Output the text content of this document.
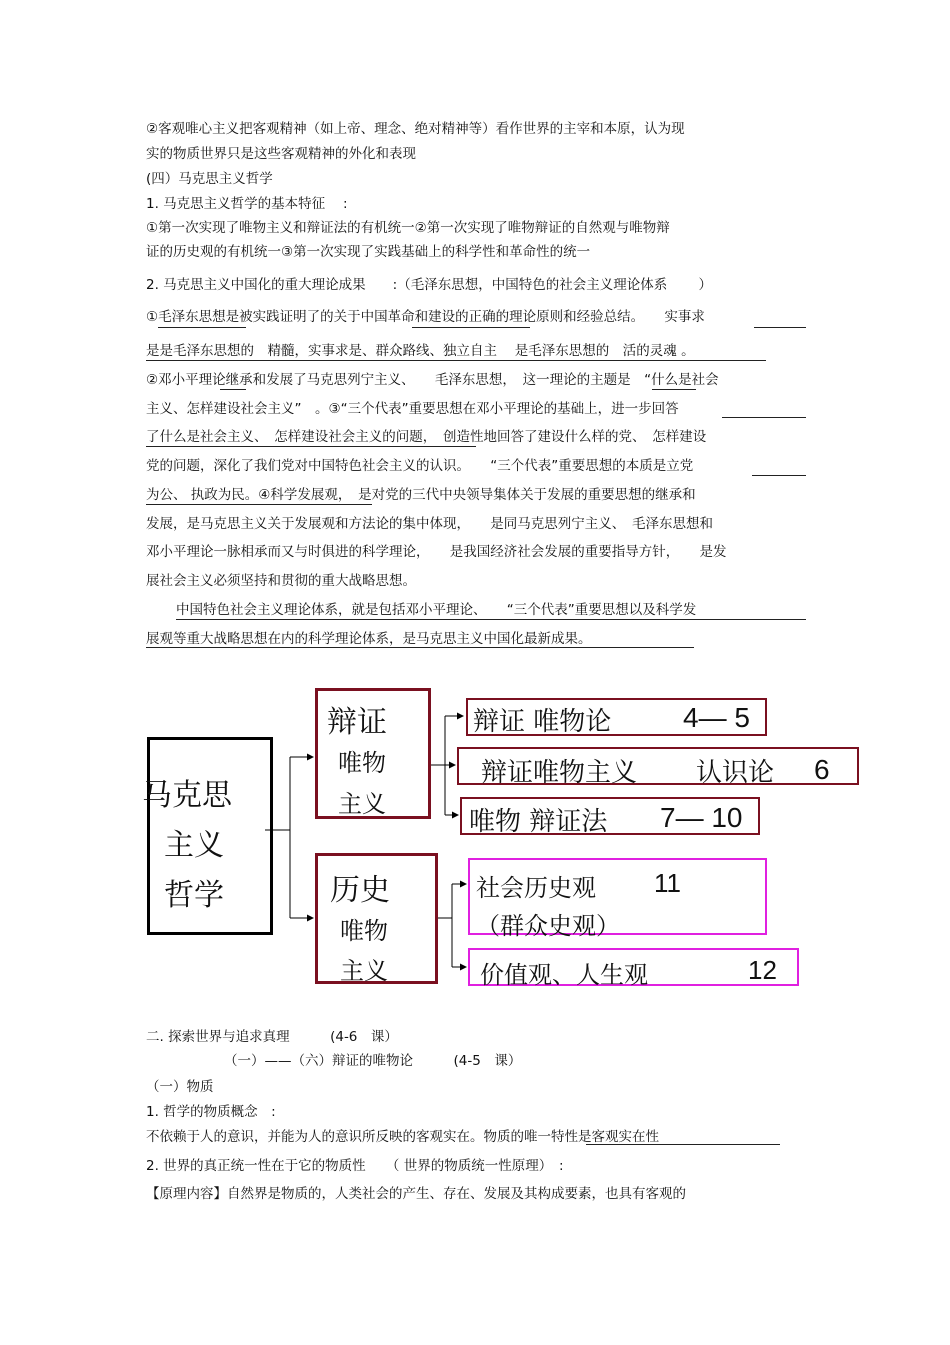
②客观唯心主义把客观精神（如上帝、理念、绝对精神等）看作世界的主宰和本原，认为现
实的物质世界只是这些客观精神的外化和表现
(四）马克思主义哲学
1. 马克思主义哲学的基本特征　 :
①第一次实现了唯物主义和辩证法的有机统一②第一次实现了唯物辩证的自然观与唯物辩
证的历史观的有机统一③第一次实现了实践基础上的科学性和革命性的统一
2. 马克思主义中国化的重大理论成果　　:（毛泽东思想，中国特色的社会主义理论体系　　 ）
①毛泽东思想是被实践证明了的关于中国革命和建设的正确的理论原则和经验总结。　　实事求
是是毛泽东思想的　精髓，实事求是、群众路线、独立自主　 是毛泽东思想的　活的灵魂 。
②邓小平理论继承和发展了马克思列宁主义、　　毛泽东思想，　这一理论的主题是　“什么是社会
主义、怎样建设社会主义”　。③“三个代表”重要思想在邓小平理论的基础上，进一步回答
了什么是社会主义、　怎样建设社会主义的问题，　创造性地回答了建设什么样的党、　怎样建设
党的问题，深化了我们党对中国特色社会主义的认识。　　“三个代表”重要思想的本质是立党
为公、 执政为民。④科学发展观，　是对党的三代中央领导集体关于发展的重要思想的继承和
发展，是马克思主义关于发展观和方法论的集中体现，　　是同马克思列宁主义、　毛泽东思想和
邓小平理论一脉相承而又与时俱进的科学理论，　　是我国经济社会发展的重要指导方针，　　是发
展社会主义必须坚持和贯彻的重大战略思想。
中国特色社会主义理论体系，就是包括邓小平理论、　　“三个代表”重要思想以及科学发
展观等重大战略思想在内的科学理论体系，是马克思主义中国化最新成果。
马克思
主义
哲学
辩证
唯物
主义
历史
唯物
主义
辩证 唯物论	4— 5
辩证唯物主义 认识论 6
唯物 辩证法 7— 10
社会历史观
（群众史观）
11
价值观、人生观	12
二. 探索世界与追求真理　　　(4-6　课）
（一）——（六）辩证的唯物论　　　(4-5　课）
（一）物质
1. 哲学的物质概念　:
不依赖于人的意识，并能为人的意识所反映的客观实在。物质的唯一特性是客观实在性
2. 世界的真正统一性在于它的物质性　　（ 世界的物质统一性原理）　:
【原理内容】自然界是物质的，人类社会的产生、存在、发展及其构成要素，也具有客观的
